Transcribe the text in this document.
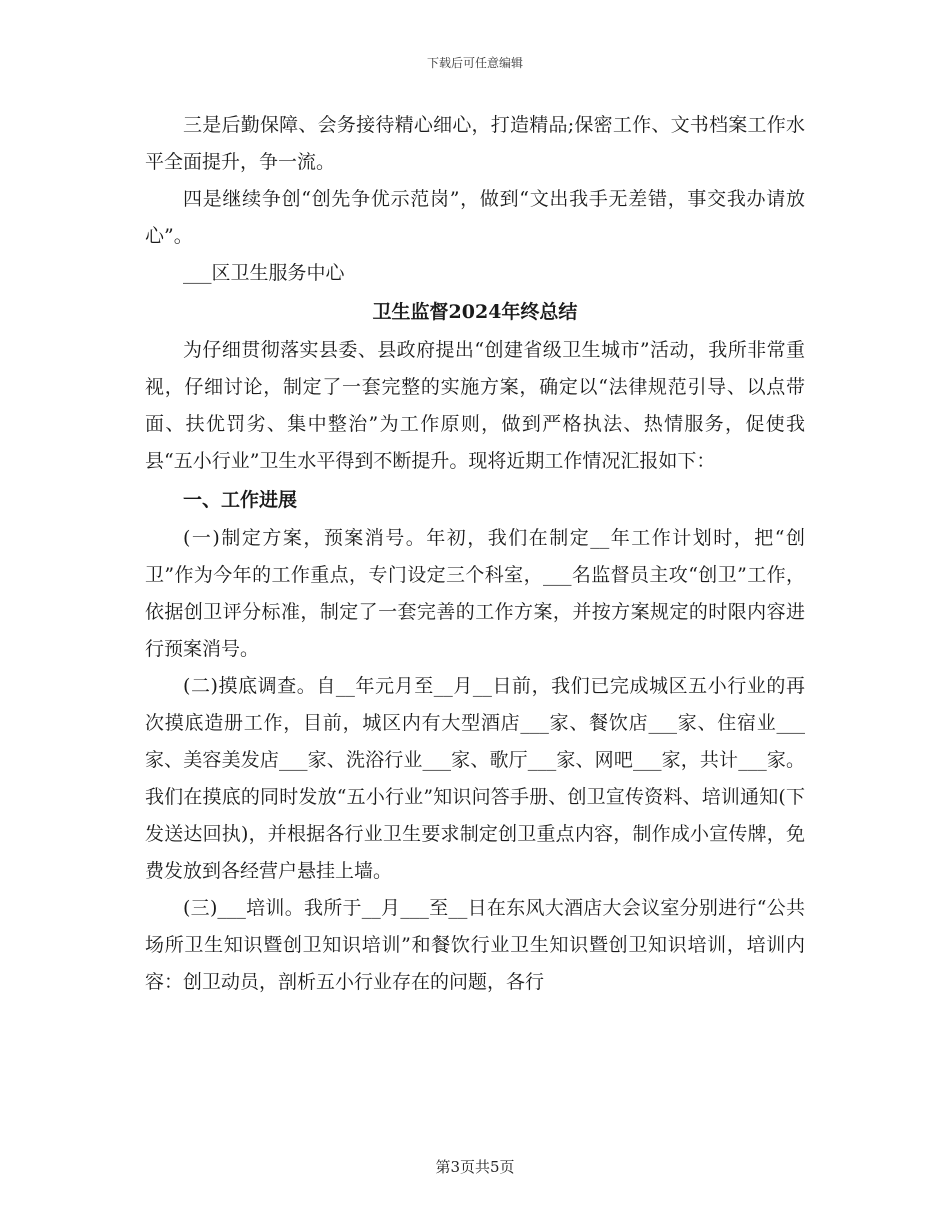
下载后可任意编辑

三是后勤保障、会务接待精心细心，打造精品;保密工作、文书档案工作水平全面提升，争一流。

四是继续争创“创先争优示范岗”，做到“文出我手无差错，事交我办请放心”。

___区卫生服务中心

卫生监督2024年终总结

为仔细贯彻落实县委、县政府提出“创建省级卫生城市”活动，我所非常重视，仔细讨论，制定了一套完整的实施方案，确定以“法律规范引导、以点带面、扶优罚劣、集中整治”为工作原则，做到严格执法、热情服务，促使我县“五小行业”卫生水平得到不断提升。现将近期工作情况汇报如下：

一、工作进展

(一)制定方案，预案消号。年初，我们在制定__年工作计划时，把“创卫”作为今年的工作重点，专门设定三个科室，___名监督员主攻“创卫”工作，依据创卫评分标准，制定了一套完善的工作方案，并按方案规定的时限内容进行预案消号。

(二)摸底调查。自__年元月至__月__日前，我们已完成城区五小行业的再次摸底造册工作，目前，城区内有大型酒店___家、餐饮店___家、住宿业___家、美容美发店___家、洗浴行业___家、歌厅___家、网吧___家，共计___家。我们在摸底的同时发放“五小行业”知识问答手册、创卫宣传资料、培训通知(下发送达回执)，并根据各行业卫生要求制定创卫重点内容，制作成小宣传牌，免费发放到各经营户悬挂上墙。

(三)___培训。我所于__月___至__日在东风大酒店大会议室分别进行“公共场所卫生知识暨创卫知识培训”和餐饮行业卫生知识暨创卫知识培训，培训内容：创卫动员，剖析五小行业存在的问题，各行

第3页共5页
